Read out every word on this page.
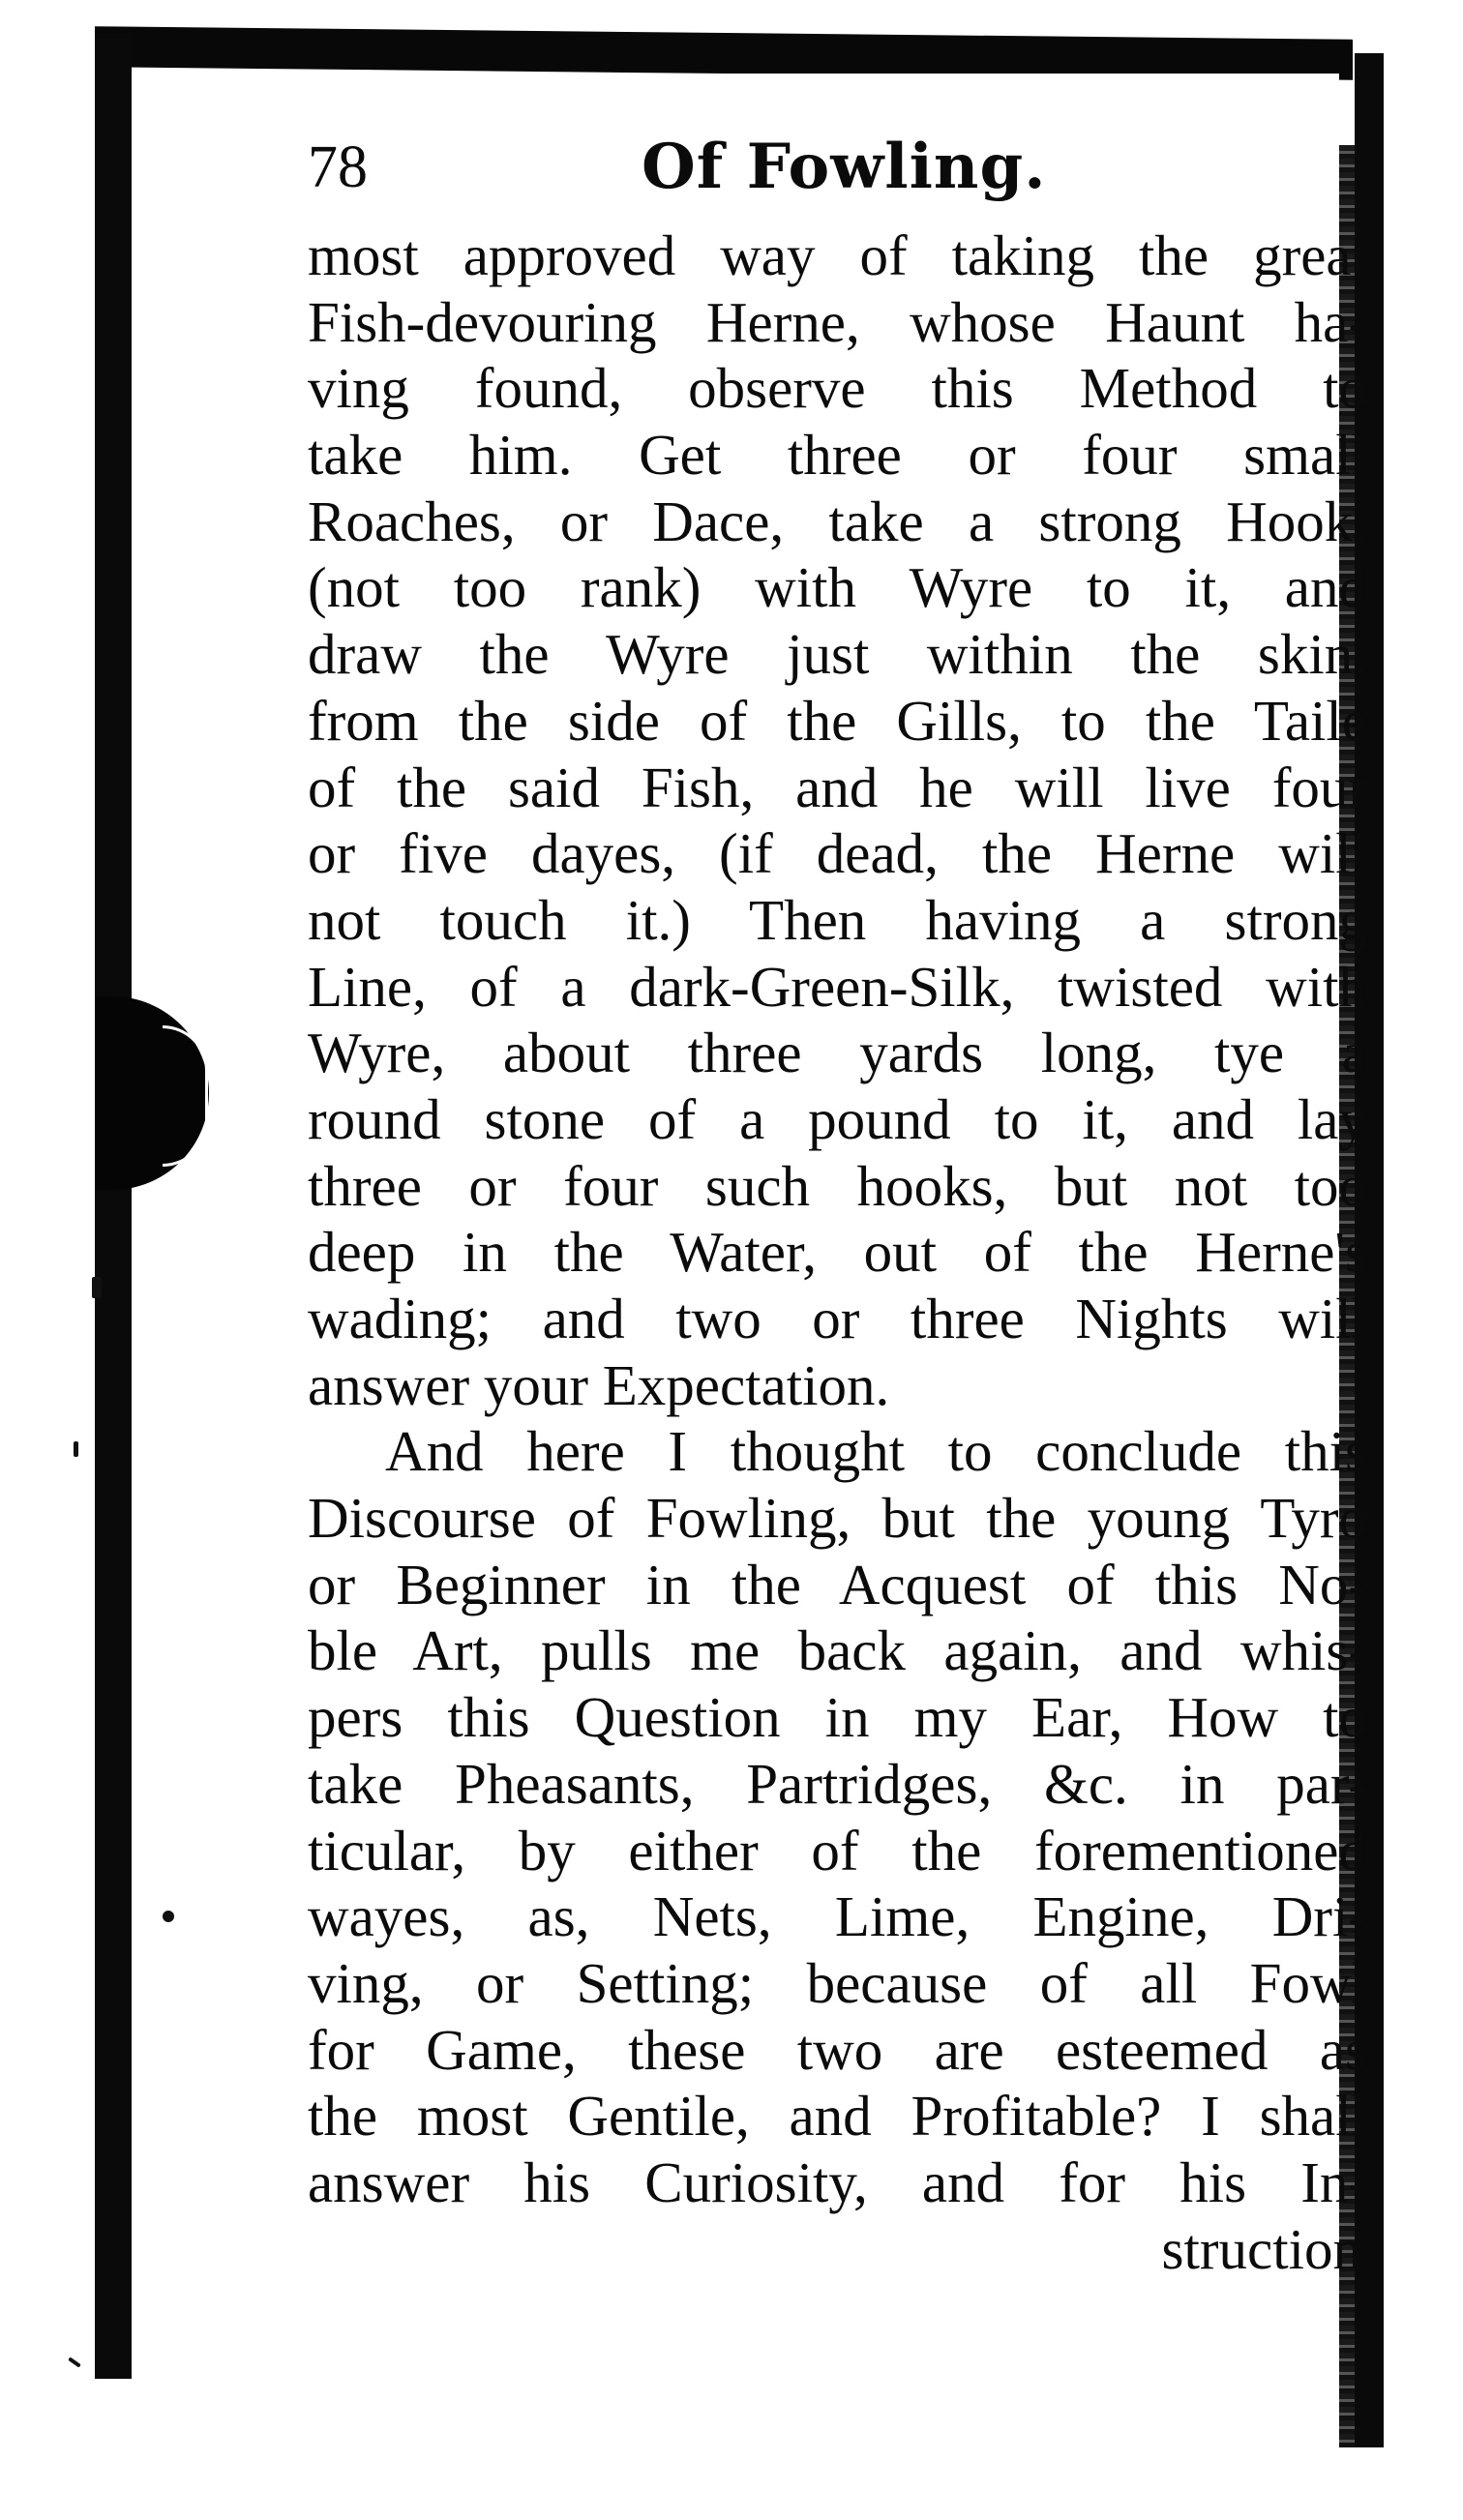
78	Of Fowling.
most approved way of taking the great
Fish-devouring Herne, whose Haunt ha-
ving found, observe this Method to
take him. Get three or four small
Roaches, or Dace, take a strong Hook,
(not too rank) with Wyre to it, and
draw the Wyre just within the skin,
from the side of the Gills, to the Taile
of the said Fish, and he will live four
or five dayes, (if dead, the Herne will
not touch it.) Then having a strong
Line, of a dark-Green-Silk, twisted with
Wyre, about three yards long, tye a
round stone of a pound to it, and lay
three or four such hooks, but not too
deep in the Water, out of the Herne's
wading; and two or three Nights will
answer your Expectation.
And here I thought to conclude this
Discourse of Fowling, but the young Tyro
or Beginner in the Acquest of this No-
ble Art, pulls me back again, and whis-
pers this Question in my Ear, How to
take Pheasants, Partridges, &c. in par-
ticular, by either of the forementioned
wayes, as, Nets, Lime, Engine, Dri-
ving, or Setting; because of all Fowl
for Game, these two are esteemed as
the most Gentile, and Profitable? I shall
answer his Curiosity, and for his In-
struction
